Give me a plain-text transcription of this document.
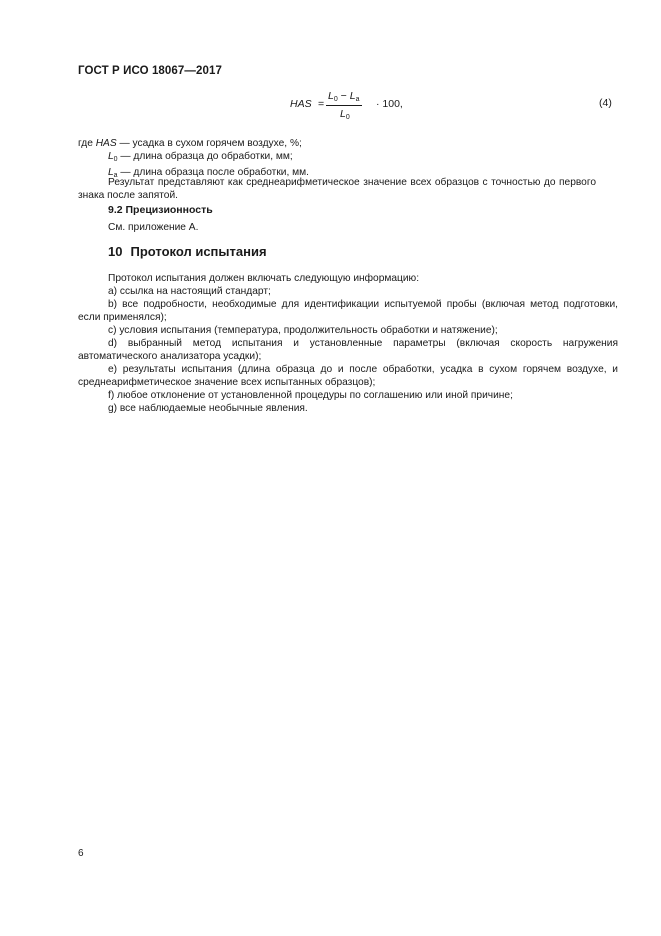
ГОСТ Р ИСО 18067—2017
HAS =
$L_0 - L_a$
$L_0$
· 100,	(4)
где HAS — усадка в сухом горячем воздухе, %;
$L_0$ — длина образца до обработки, мм;
$L_a$ — длина образца после обработки, мм.
Результат представляют как среднеарифметическое значение всех образцов с точностью до первого знака после запятой.
9.2 Прецизионность
См. приложение А.
10 Протокол испытания
Протокол испытания должен включать следующую информацию:
a) ссылка на настоящий стандарт;
b) все подробности, необходимые для идентификации испытуемой пробы (включая метод подготовки, если применялся);
c) условия испытания (температура, продолжительность обработки и натяжение);
d) выбранный метод испытания и установленные параметры (включая скорость нагружения автоматического анализатора усадки);
e) результаты испытания (длина образца до и после обработки, усадка в сухом горячем воздухе, и среднеарифметическое значение всех испытанных образцов);
f) любое отклонение от установленной процедуры по соглашению или иной причине;
g) все наблюдаемые необычные явления.
6
